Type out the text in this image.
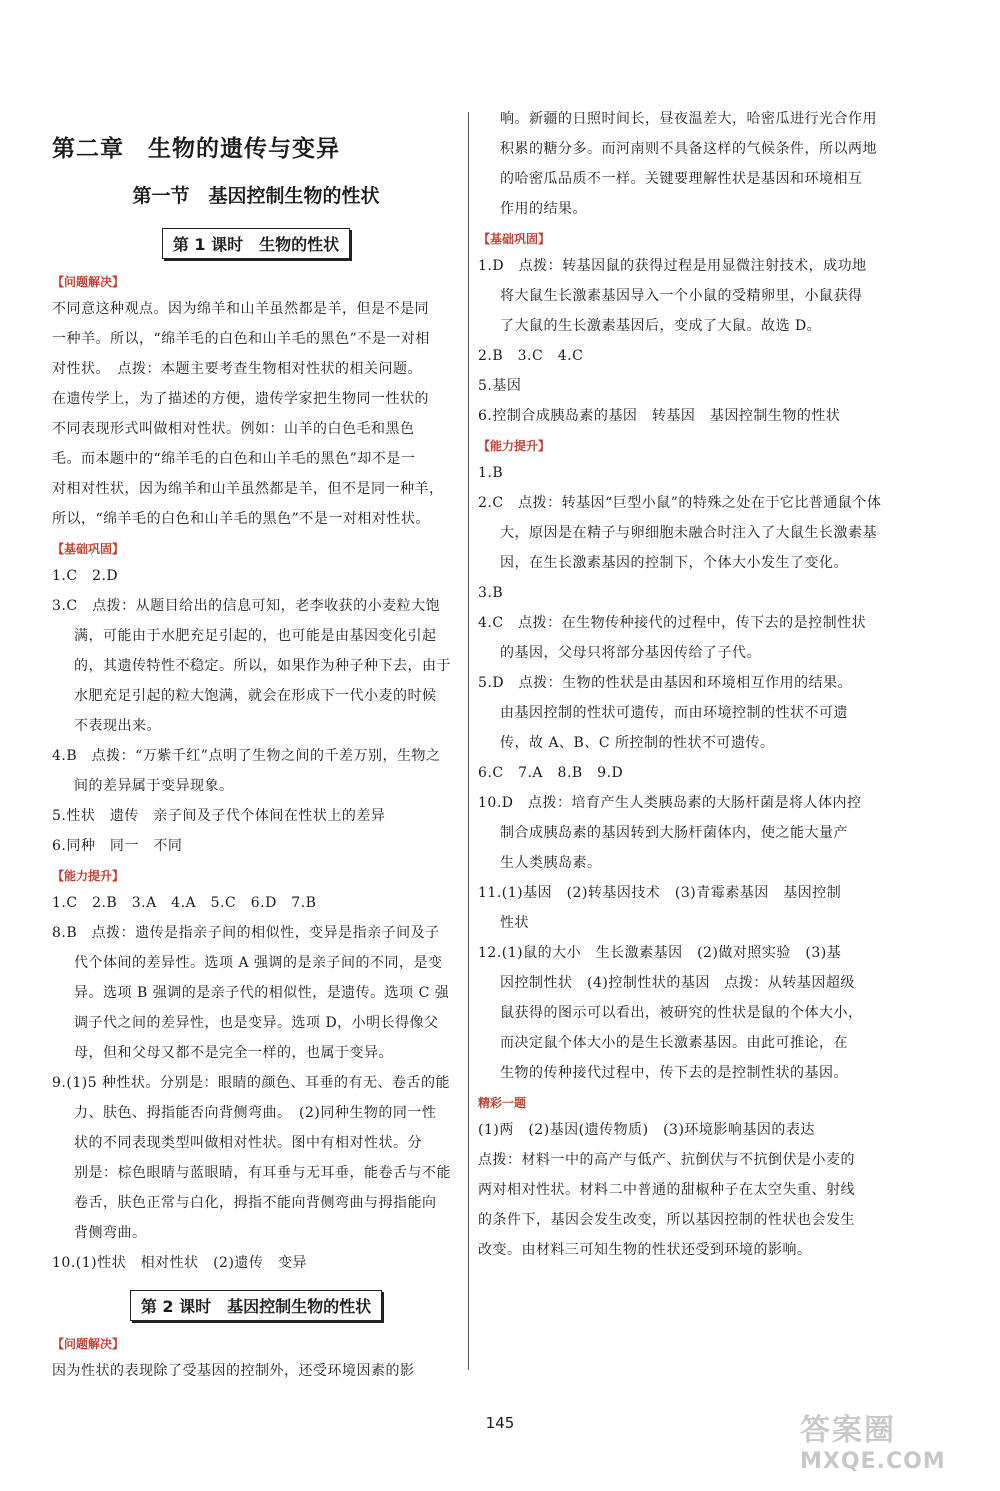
第二章　生物的遗传与变异
第一节　基因控制生物的性状
第 1 课时　生物的性状
【问题解决】
不同意这种观点。因为绵羊和山羊虽然都是羊，但是不是同
一种羊。所以，“绵羊毛的白色和山羊毛的黑色”不是一对相
对性状。　点拨：本题主要考查生物相对性状的相关问题。
在遗传学上，为了描述的方便，遗传学家把生物同一性状的
不同表现形式叫做相对性状。例如：山羊的白色毛和黑色
毛。而本题中的“绵羊毛的白色和山羊毛的黑色”却不是一
对相对性状，因为绵羊和山羊虽然都是羊，但不是同一种羊，
所以，“绵羊毛的白色和山羊毛的黑色”不是一对相对性状。
【基础巩固】
1.C　2.D
3.C　点拨：从题目给出的信息可知，老李收获的小麦粒大饱
满，可能由于水肥充足引起的，也可能是由基因变化引起
的，其遗传特性不稳定。所以，如果作为种子种下去，由于
水肥充足引起的粒大饱满，就会在形成下一代小麦的时候
不表现出来。
4.B　点拨：“万紫千红”点明了生物之间的千差万别，生物之
间的差异属于变异现象。
5.性状　遗传　亲子间及子代个体间在性状上的差异
6.同种　同一　不同
【能力提升】
1.C　2.B　3.A　4.A　5.C　6.D　7.B
8.B　点拨：遗传是指亲子间的相似性，变异是指亲子间及子
代个体间的差异性。选项 A 强调的是亲子间的不同，是变
异。选项 B 强调的是亲子代的相似性，是遗传。选项 C 强
调子代之间的差异性，也是变异。选项 D，小明长得像父
母，但和父母又都不是完全一样的，也属于变异。
9.(1)5 种性状。分别是：眼睛的颜色、耳垂的有无、卷舌的能
力、肤色、拇指能否向背侧弯曲。　(2)同种生物的同一性
状的不同表现类型叫做相对性状。图中有相对性状。分
别是：棕色眼睛与蓝眼睛，有耳垂与无耳垂，能卷舌与不能
卷舌，肤色正常与白化，拇指不能向背侧弯曲与拇指能向
背侧弯曲。
10.(1)性状　相对性状　(2)遗传　变异
第 2 课时　基因控制生物的性状
【问题解决】
因为性状的表现除了受基因的控制外，还受环境因素的影
响。新疆的日照时间长，昼夜温差大，哈密瓜进行光合作用
积累的糖分多。而河南则不具备这样的气候条件，所以两地
的哈密瓜品质不一样。关键要理解性状是基因和环境相互
作用的结果。
【基础巩固】
1.D　点拨：转基因鼠的获得过程是用显微注射技术，成功地
将大鼠生长激素基因导入一个小鼠的受精卵里，小鼠获得
了大鼠的生长激素基因后，变成了大鼠。故选 D。
2.B　3.C　4.C
5.基因
6.控制合成胰岛素的基因　转基因　基因控制生物的性状
【能力提升】
1.B
2.C　点拨：转基因“巨型小鼠”的特殊之处在于它比普通鼠个体
大，原因是在精子与卵细胞未融合时注入了大鼠生长激素基
因，在生长激素基因的控制下，个体大小发生了变化。
3.B
4.C　点拨：在生物传种接代的过程中，传下去的是控制性状
的基因，父母只将部分基因传给了子代。
5.D　点拨：生物的性状是由基因和环境相互作用的结果。
由基因控制的性状可遗传，而由环境控制的性状不可遗
传，故 A、B、C 所控制的性状不可遗传。
6.C　7.A　8.B　9.D
10.D　点拨：培育产生人类胰岛素的大肠杆菌是将人体内控
制合成胰岛素的基因转到大肠杆菌体内，使之能大量产
生人类胰岛素。
11.(1)基因　(2)转基因技术　(3)青霉素基因　基因控制
性状
12.(1)鼠的大小　生长激素基因　(2)做对照实验　(3)基
因控制性状　(4)控制性状的基因　点拨：从转基因超级
鼠获得的图示可以看出，被研究的性状是鼠的个体大小，
而决定鼠个体大小的是生长激素基因。由此可推论，在
生物的传种接代过程中，传下去的是控制性状的基因。
精彩一题
(1)两　(2)基因(遗传物质)　(3)环境影响基因的表达
点拨：材料一中的高产与低产、抗倒伏与不抗倒伏是小麦的
两对相对性状。材料二中普通的甜椒种子在太空失重、射线
的条件下，基因会发生改变，所以基因控制的性状也会发生
改变。由材料三可知生物的性状还受到环境的影响。
145	答案圈
MXQE.COM
